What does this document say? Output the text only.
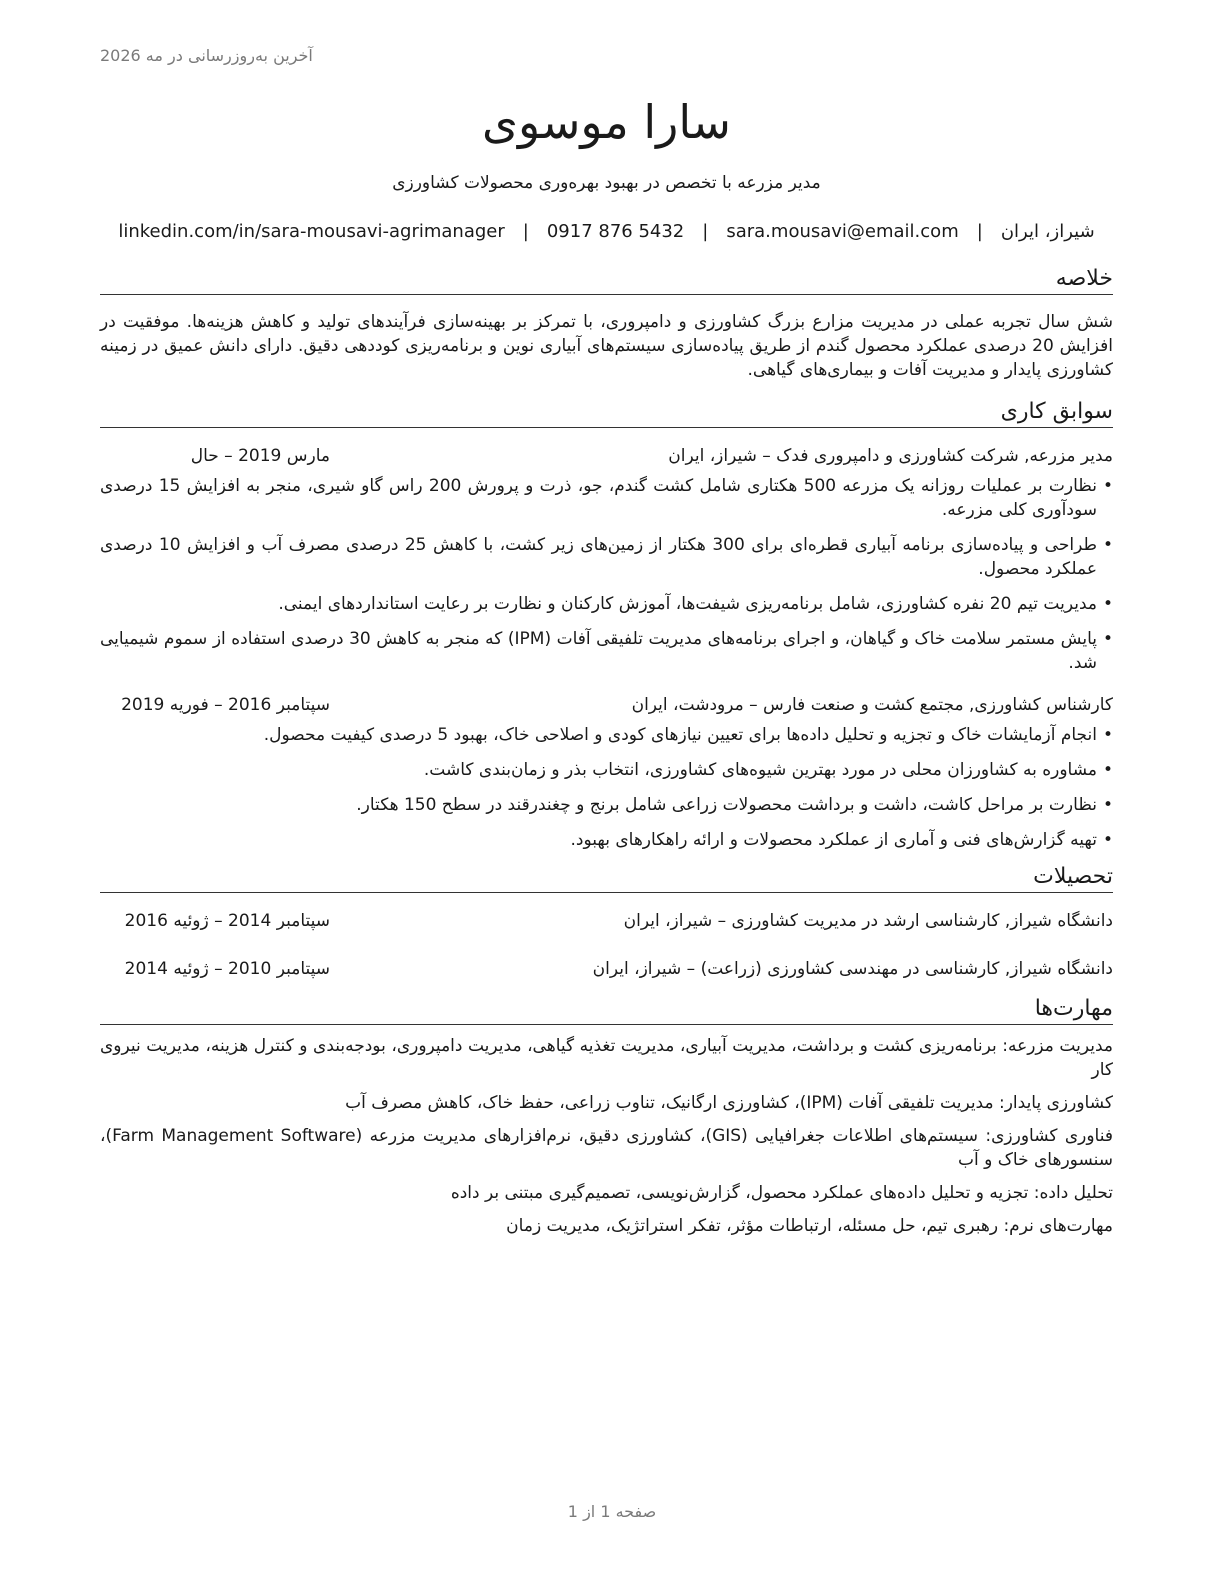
آخرین به‌روزرسانی در مه 2026
سارا موسوی
مدیر مزرعه با تخصص در بهبود بهره‌وری محصولات کشاورزی
شیراز، ایران
|
sara.mousavi@email.com
|
0917 876 5432
|
linkedin.com/in/sara-mousavi-agrimanager
خلاصه
شش سال تجربه عملی در مدیریت مزارع بزرگ کشاورزی و دامپروری، با تمرکز بر بهینه‌سازی فرآیندهای تولید و کاهش هزینه‌ها. موفقیت در افزایش 20 درصدی عملکرد محصول گندم از طریق پیاده‌سازی سیستم‌های آبیاری نوین و برنامه‌ریزی کوددهی دقیق. دارای دانش عمیق در زمینه کشاورزی پایدار و مدیریت آفات و بیماری‌های گیاهی.
سوابق کاری
مدیر مزرعه, شرکت کشاورزی و دامپروری فدک – شیراز، ایران
مارس 2019 – حال
• نظارت بر عملیات روزانه یک مزرعه 500 هکتاری شامل کشت گندم، جو، ذرت و پرورش 200 راس گاو شیری، منجر به افزایش 15 درصدی سودآوری کلی مزرعه.
• طراحی و پیاده‌سازی برنامه آبیاری قطره‌ای برای 300 هکتار از زمین‌های زیر کشت، با کاهش 25 درصدی مصرف آب و افزایش 10 درصدی عملکرد محصول.
• مدیریت تیم 20 نفره کشاورزی، شامل برنامه‌ریزی شیفت‌ها، آموزش کارکنان و نظارت بر رعایت استانداردهای ایمنی.
• پایش مستمر سلامت خاک و گیاهان، و اجرای برنامه‌های مدیریت تلفیقی آفات (IPM) که منجر به کاهش 30 درصدی استفاده از سموم شیمیایی شد.
کارشناس کشاورزی, مجتمع کشت و صنعت فارس – مرودشت، ایران
سپتامبر 2016 – فوریه 2019
• انجام آزمایشات خاک و تجزیه و تحلیل داده‌ها برای تعیین نیازهای کودی و اصلاحی خاک، بهبود 5 درصدی کیفیت محصول.
• مشاوره به کشاورزان محلی در مورد بهترین شیوه‌های کشاورزی، انتخاب بذر و زمان‌بندی کاشت.
• نظارت بر مراحل کاشت، داشت و برداشت محصولات زراعی شامل برنج و چغندرقند در سطح 150 هکتار.
• تهیه گزارش‌های فنی و آماری از عملکرد محصولات و ارائه راهکارهای بهبود.
تحصیلات
دانشگاه شیراز, کارشناسی ارشد در مدیریت کشاورزی – شیراز، ایران
سپتامبر 2014 – ژوئیه 2016
دانشگاه شیراز, کارشناسی در مهندسی کشاورزی (زراعت) – شیراز، ایران
سپتامبر 2010 – ژوئیه 2014
مهارت‌ها
مدیریت مزرعه: برنامه‌ریزی کشت و برداشت، مدیریت آبیاری، مدیریت تغذیه گیاهی، مدیریت دامپروری، بودجه‌بندی و کنترل هزینه، مدیریت نیروی کار
کشاورزی پایدار: مدیریت تلفیقی آفات (IPM)، کشاورزی ارگانیک، تناوب زراعی، حفظ خاک، کاهش مصرف آب
فناوری کشاورزی: سیستم‌های اطلاعات جغرافیایی (GIS)، کشاورزی دقیق، نرم‌افزارهای مدیریت مزرعه (Farm Management Software)، سنسورهای خاک و آب
تحلیل داده: تجزیه و تحلیل داده‌های عملکرد محصول، گزارش‌نویسی، تصمیم‌گیری مبتنی بر داده
مهارت‌های نرم: رهبری تیم، حل مسئله، ارتباطات مؤثر، تفکر استراتژیک، مدیریت زمان
صفحه 1 از 1
